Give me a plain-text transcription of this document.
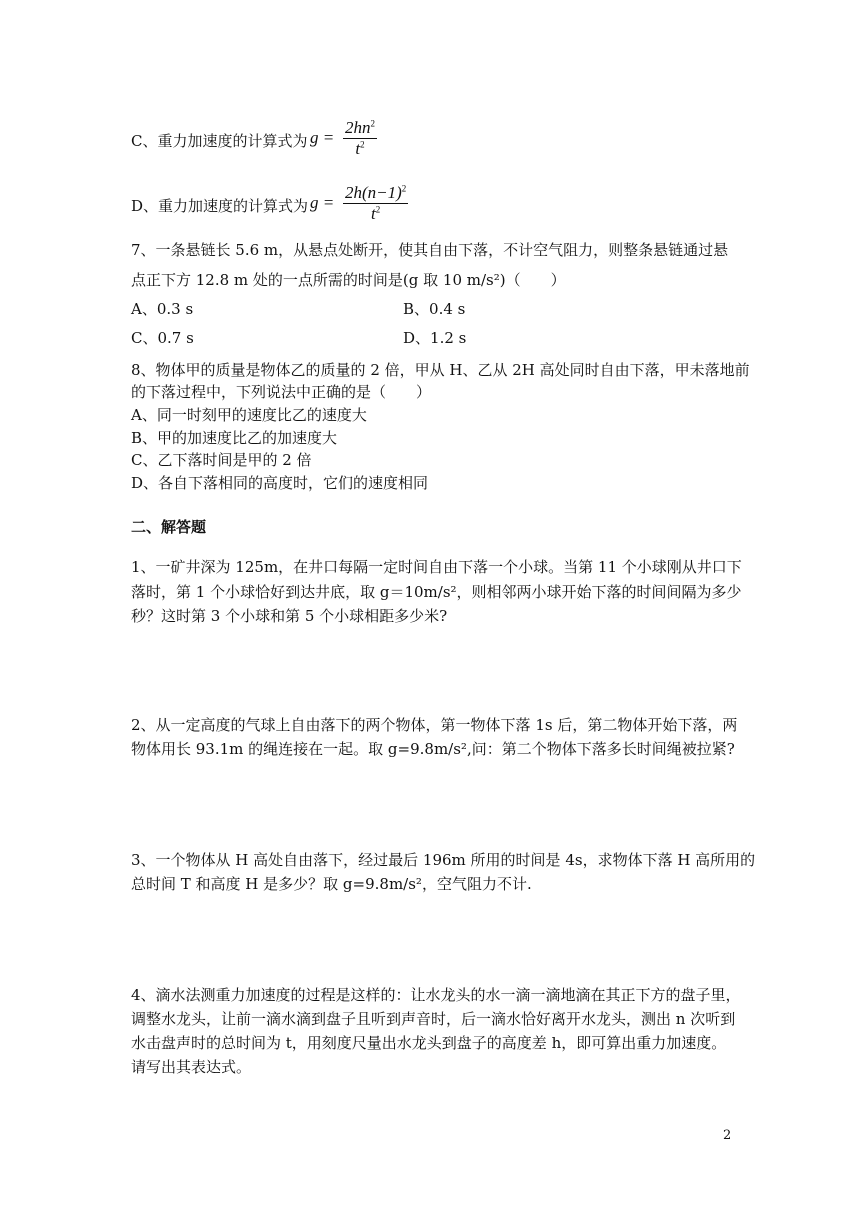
C、重力加速度的计算式为 g =
$2hn^2$
$t^2$
D、重力加速度的计算式为 g =
$2h(n-1)^2$
$t^2$
7、一条悬链长 5.6 m，从悬点处断开，使其自由下落，不计空气阻力，则整条悬链通过悬
点正下方 12.8 m 处的一点所需的时间是(g 取 10 m/s²)（　　）
A、0.3 s	B、0.4 s
C、0.7 s	D、1.2 s
8、物体甲的质量是物体乙的质量的 2 倍，甲从 H、乙从 2H 高处同时自由下落，甲未落地前
的下落过程中，下列说法中正确的是（　　）
A、同一时刻甲的速度比乙的速度大
B、甲的加速度比乙的加速度大
C、乙下落时间是甲的 2 倍
D、各自下落相同的高度时，它们的速度相同
二、解答题
1、一矿井深为 125m，在井口每隔一定时间自由下落一个小球。当第 11 个小球刚从井口下
落时，第 1 个小球恰好到达井底，取 g＝10m/s²，则相邻两小球开始下落的时间间隔为多少
秒？这时第 3 个小球和第 5 个小球相距多少米?
2、从一定高度的气球上自由落下的两个物体，第一物体下落 1s 后，第二物体开始下落，两
物体用长 93.1m 的绳连接在一起。取 g=9.8m/s²,问：第二个物体下落多长时间绳被拉紧?
3、一个物体从 H 高处自由落下，经过最后 196m 所用的时间是 4s，求物体下落 H 高所用的
总时间 T 和高度 H 是多少？取 g=9.8m/s²，空气阻力不计.
4、滴水法测重力加速度的过程是这样的：让水龙头的水一滴一滴地滴在其正下方的盘子里，
调整水龙头，让前一滴水滴到盘子且听到声音时，后一滴水恰好离开水龙头，测出 n 次听到
水击盘声时的总时间为 t，用刻度尺量出水龙头到盘子的高度差 h，即可算出重力加速度。
请写出其表达式。
2
